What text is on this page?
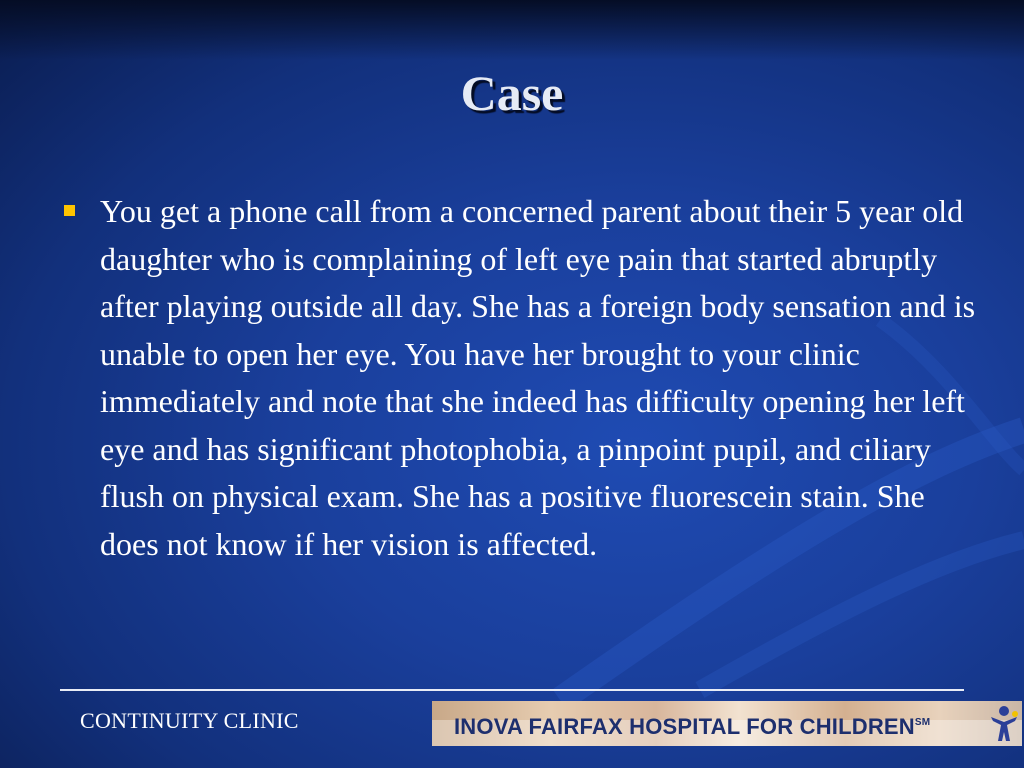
Case
You get a phone call from a concerned parent about their 5 year old daughter who is complaining of left eye pain that started abruptly after playing outside all day. She has a foreign body sensation and is unable to open her eye. You have her brought to your clinic immediately and note that she indeed has difficulty opening her left eye and has significant photophobia, a pinpoint pupil, and ciliary flush on physical exam. She has a positive fluorescein stain. She does not know if her vision is affected.
CONTINUITY CLINIC	INOVA FAIRFAX HOSPITAL FOR CHILDREN℠
